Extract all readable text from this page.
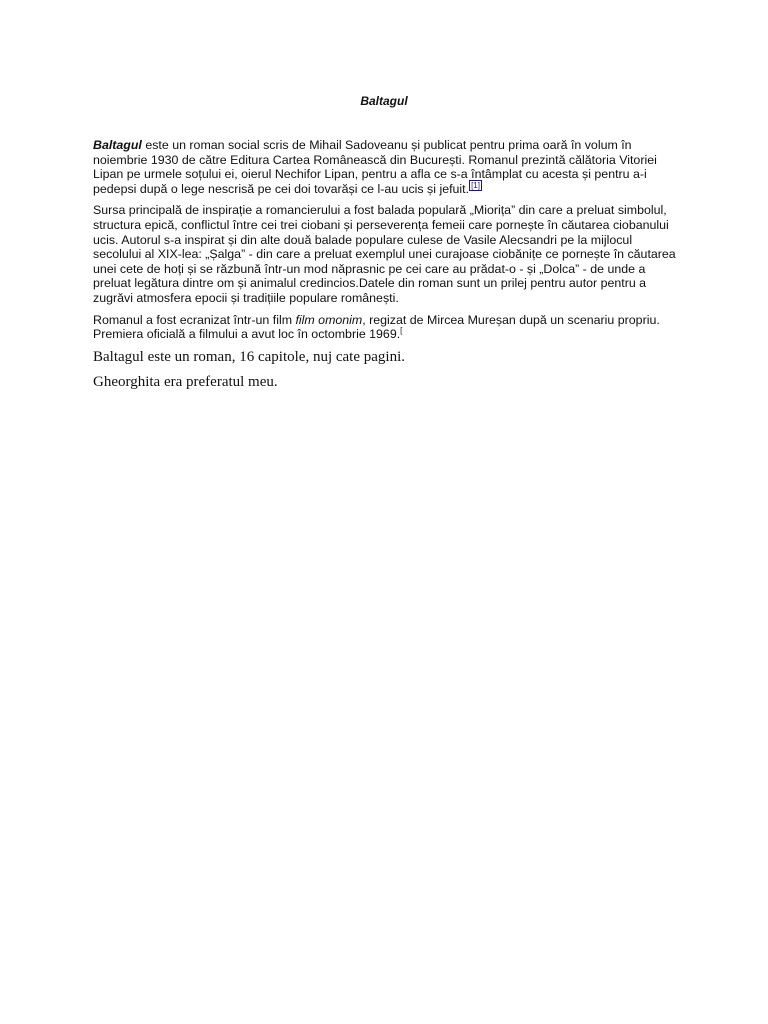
Baltagul

Baltagul este un roman social scris de Mihail Sadoveanu și publicat pentru prima oară în volum în noiembrie 1930 de către Editura Cartea Românească din București. Romanul prezintă călătoria Vitoriei Lipan pe urmele soțului ei, oierul Nechifor Lipan, pentru a afla ce s-a întâmplat cu acesta și pentru a-i pedepsi după o lege nescrisă pe cei doi tovarăși ce l-au ucis și jefuit. [1]

Sursa principală de inspirație a romancierului a fost balada populară „Miorița” din care a preluat simbolul, structura epică, conflictul între cei trei ciobani și perseverența femeii care pornește în căutarea ciobanului ucis. Autorul s-a inspirat și din alte două balade populare culese de Vasile Alecsandri pe la mijlocul secolului al XIX-lea: „Șalga” - din care a preluat exemplul unei curajoase ciobănițe ce pornește în căutarea unei cete de hoți și se răzbună într-un mod năprasnic pe cei care au prădat-o - și „Dolca” - de unde a preluat legătura dintre om și animalul credincios.Datele din roman sunt un prilej pentru autor pentru a zugrăvi atmosfera epocii și tradițiile populare românești.

Romanul a fost ecranizat într-un film film omonim, regizat de Mircea Mureșan după un scenariu propriu. Premiera oficială a filmului a avut loc în octombrie 1969.[

Baltagul este un roman, 16 capitole, nuj cate pagini.

Gheorghita era preferatul meu.
